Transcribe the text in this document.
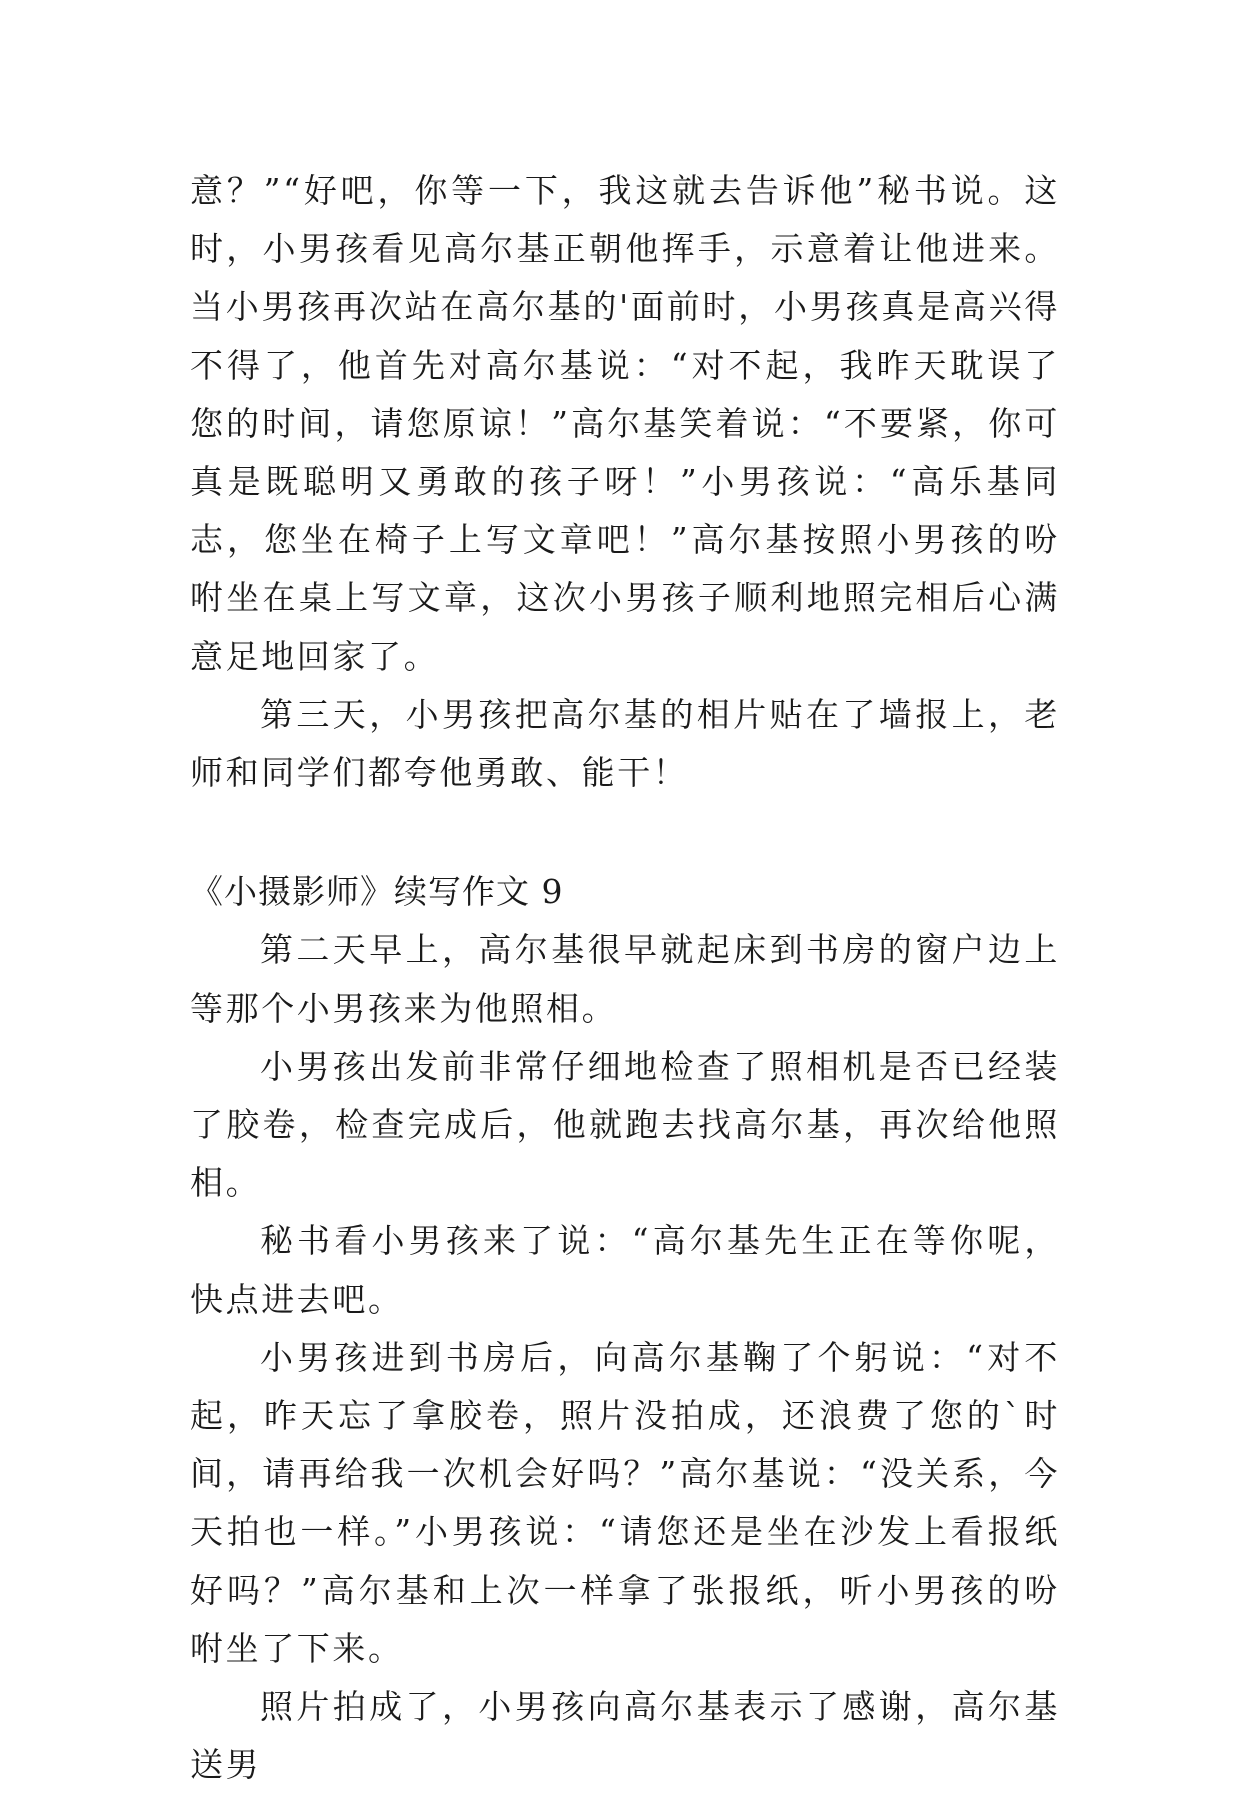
意？”“好吧，你等一下，我这就去告诉他”秘书说。这时，小男孩看见高尔基正朝他挥手，示意着让他进来。当小男孩再次站在高尔基的'面前时，小男孩真是高兴得不得了，他首先对高尔基说：“对不起，我昨天耽误了您的时间，请您原谅！”高尔基笑着说：“不要紧，你可真是既聪明又勇敢的孩子呀！”小男孩说：“高乐基同志，您坐在椅子上写文章吧！”高尔基按照小男孩的吩咐坐在桌上写文章，这次小男孩子顺利地照完相后心满意足地回家了。

第三天，小男孩把高尔基的相片贴在了墙报上，老师和同学们都夸他勇敢、能干！

《小摄影师》续写作文 9

第二天早上，高尔基很早就起床到书房的窗户边上等那个小男孩来为他照相。

小男孩出发前非常仔细地检查了照相机是否已经装了胶卷，检查完成后，他就跑去找高尔基，再次给他照相。

秘书看小男孩来了说：“高尔基先生正在等你呢，快点进去吧。

小男孩进到书房后，向高尔基鞠了个躬说：“对不起，昨天忘了拿胶卷，照片没拍成，还浪费了您的`时间，请再给我一次机会好吗？”高尔基说：“没关系，今天拍也一样。”小男孩说：“请您还是坐在沙发上看报纸好吗？”高尔基和上次一样拿了张报纸，听小男孩的吩咐坐了下来。

照片拍成了，小男孩向高尔基表示了感谢，高尔基送男
